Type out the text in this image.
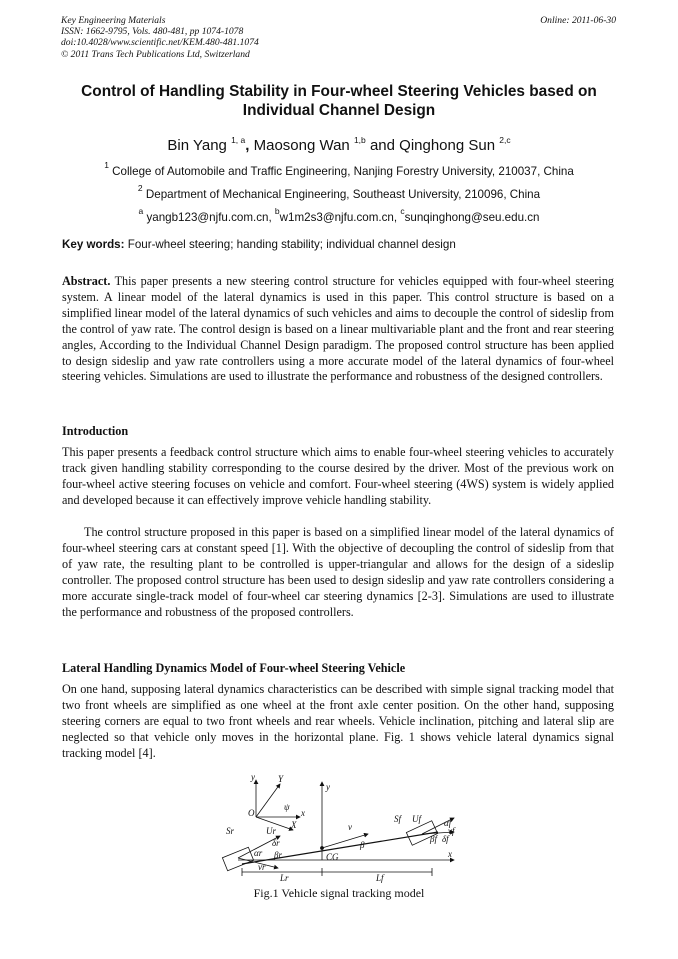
Key Engineering Materials
ISSN: 1662-9795, Vols. 480-481, pp 1074-1078
doi:10.4028/www.scientific.net/KEM.480-481.1074
© 2011 Trans Tech Publications Ltd, Switzerland
Online: 2011-06-30
Control of Handling Stability in Four-wheel Steering Vehicles based on
Individual Channel Design
Bin Yang $^{1, a}$, Maosong Wan $^{1,b}$ and Qinghong Sun $^{2,c}$
$^1$ College of Automobile and Traffic Engineering, Nanjing Forestry University, 210037, China
$^2$ Department of Mechanical Engineering, Southeast University, 210096, China
$^a$ yangb123@njfu.com.cn, $^b$w1m2s3@njfu.com.cn, $^c$sunqinghong@seu.edu.cn
Key words: Four-wheel steering; handing stability; individual channel design
Abstract. This paper presents a new steering control structure for vehicles equipped with four-wheel steering system. A linear model of the lateral dynamics is used in this paper. This control structure is based on a simplified linear model of the lateral dynamics of such vehicles and aims to decouple the control of sideslip from the control of yaw rate. The control design is based on a linear multivariable plant and the front and rear steering angles, According to the Individual Channel Design paradigm. The proposed control structure has been applied to design sideslip and yaw rate controllers using a more accurate model of the lateral dynamics of four-wheel steering vehicles. Simulations are used to illustrate the performance and robustness of the designed controllers.
Introduction
This paper presents a feedback control structure which aims to enable four-wheel steering vehicles to accurately track given handling stability corresponding to the course desired by the driver. Most of the previous work on four-wheel active steering focuses on vehicle and comfort. Four-wheel steering (4WS) system is widely applied and developed because it can effectively improve vehicle handling stability.
The control structure proposed in this paper is based on a simplified linear model of the lateral dynamics of four-wheel steering cars at constant speed [1]. With the objective of decoupling the control of sideslip from that of yaw rate, the resulting plant to be controlled is upper-triangular and allows for the design of a sideslip controller. The proposed control structure has been used to design sideslip and yaw rate controllers considering a more accurate single-track model of four-wheel car steering dynamics [2-3]. Simulations are used to illustrate the performance and robustness of the proposed controllers.
Lateral Handling Dynamics Model of Four-wheel Steering Vehicle
On one hand, supposing lateral dynamics characteristics can be described with simple signal tracking model that two front wheels are simplified as one wheel at the front axle center position. On the other hand, supposing steering corners are equal to two front wheels and rear wheels. Vehicle inclination, pitching and lateral slip are neglected so that vehicle only moves in the horizontal plane. Fig. 1 shows vehicle lateral dynamics signal tracking model [4].
y	Y
x
X
O
ψ
y
x
Sr	Ur
Sf Uf
v
β
CG
Lr	Lf
αr
δr
βr
vr
αf
δf
βf
vf
Fig.1 Vehicle signal tracking model
